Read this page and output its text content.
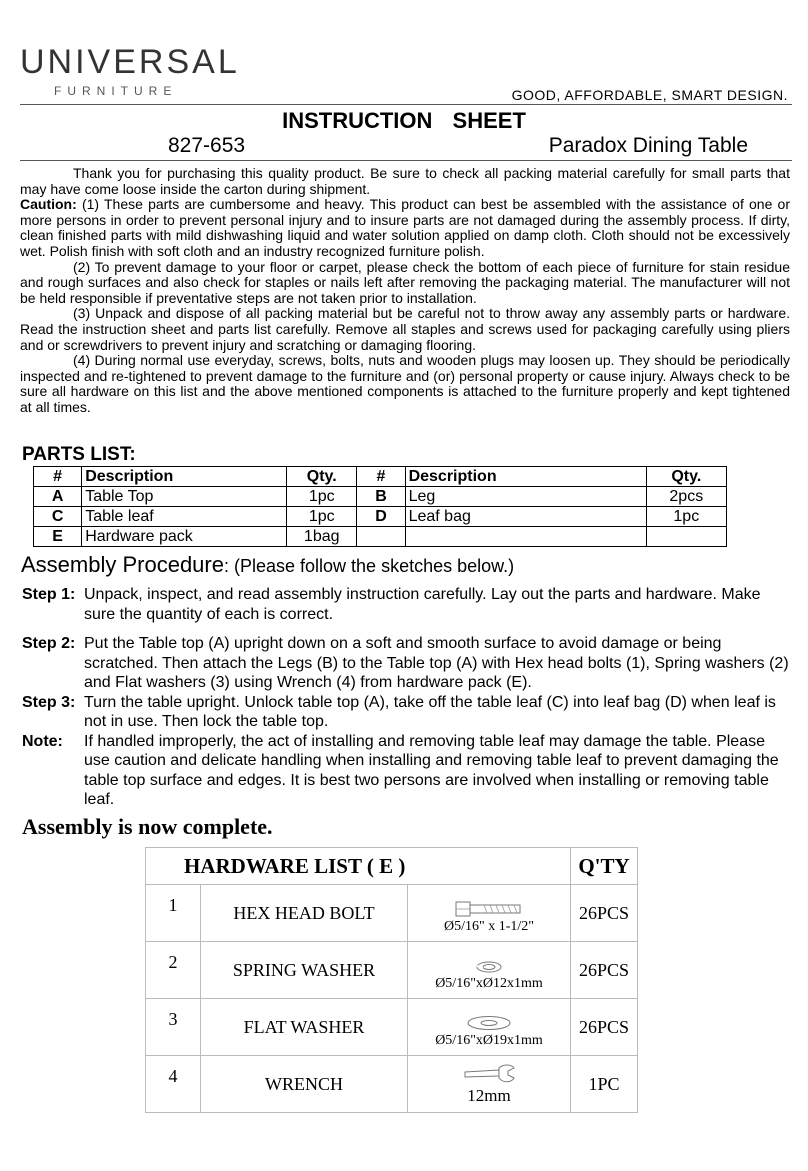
UNIVERSAL
FURNITURE	GOOD, AFFORDABLE, SMART DESIGN.
INSTRUCTION SHEET
827-653	Paradox Dining Table

Thank you for purchasing this quality product. Be sure to check all packing material carefully for small parts that may have come loose inside the carton during shipment.

Caution: (1) These parts are cumbersome and heavy. This product can best be assembled with the assistance of one or more persons in order to prevent personal injury and to insure parts are not damaged during the assembly process. If dirty, clean finished parts with mild dishwashing liquid and water solution applied on damp cloth. Cloth should not be excessively wet. Polish finish with soft cloth and an industry recognized furniture polish.

(2) To prevent damage to your floor or carpet, please check the bottom of each piece of furniture for stain residue and rough surfaces and also check for staples or nails left after removing the packaging material. The manufacturer will not be held responsible if preventative steps are not taken prior to installation.

(3) Unpack and dispose of all packing material but be careful not to throw away any assembly parts or hardware. Read the instruction sheet and parts list carefully. Remove all staples and screws used for packaging carefully using pliers and or screwdrivers to prevent injury and scratching or damaging flooring.

(4) During normal use everyday, screws, bolts, nuts and wooden plugs may loosen up. They should be periodically inspected and re-tightened to prevent damage to the furniture and (or) personal property or cause injury. Always check to be sure all hardware on this list and the above mentioned components is attached to the furniture properly and kept tightened at all times.

PARTS LIST:
#	Description	Qty.	#	Description	Qty.
A	Table Top	1pc	B	Leg	2pcs
C	Table leaf	1pc	D	Leaf bag	1pc
E	Hardware pack	1bag			
Assembly Procedure: (Please follow the sketches below.)
Step 1: Unpack, inspect, and read assembly instruction carefully. Lay out the parts and hardware. Make sure the quantity of each is correct.
Step 2: Put the Table top (A) upright down on a soft and smooth surface to avoid damage or being scratched. Then attach the Legs (B) to the Table top (A) with Hex head bolts (1), Spring washers (2) and Flat washers (3) using Wrench (4) from hardware pack (E).
Step 3: Turn the table upright. Unlock table top (A), take off the table leaf (C) into leaf bag (D) when leaf is not in use. Then lock the table top.
Note: If handled improperly, the act of installing and removing table leaf may damage the table. Please use caution and delicate handling when installing and removing table leaf to prevent damaging the table top surface and edges. It is best two persons are involved when installing or removing table leaf.
Assembly is now complete.
HARDWARE LIST ( E )			Q'TY
1	HEX HEAD BOLT	Ø5/16" x 1-1/2"	26PCS
2	SPRING WASHER	Ø5/16"xØ12x1mm	26PCS
3	FLAT WASHER	Ø5/16"xØ19x1mm	26PCS
4	WRENCH	12mm	1PC
